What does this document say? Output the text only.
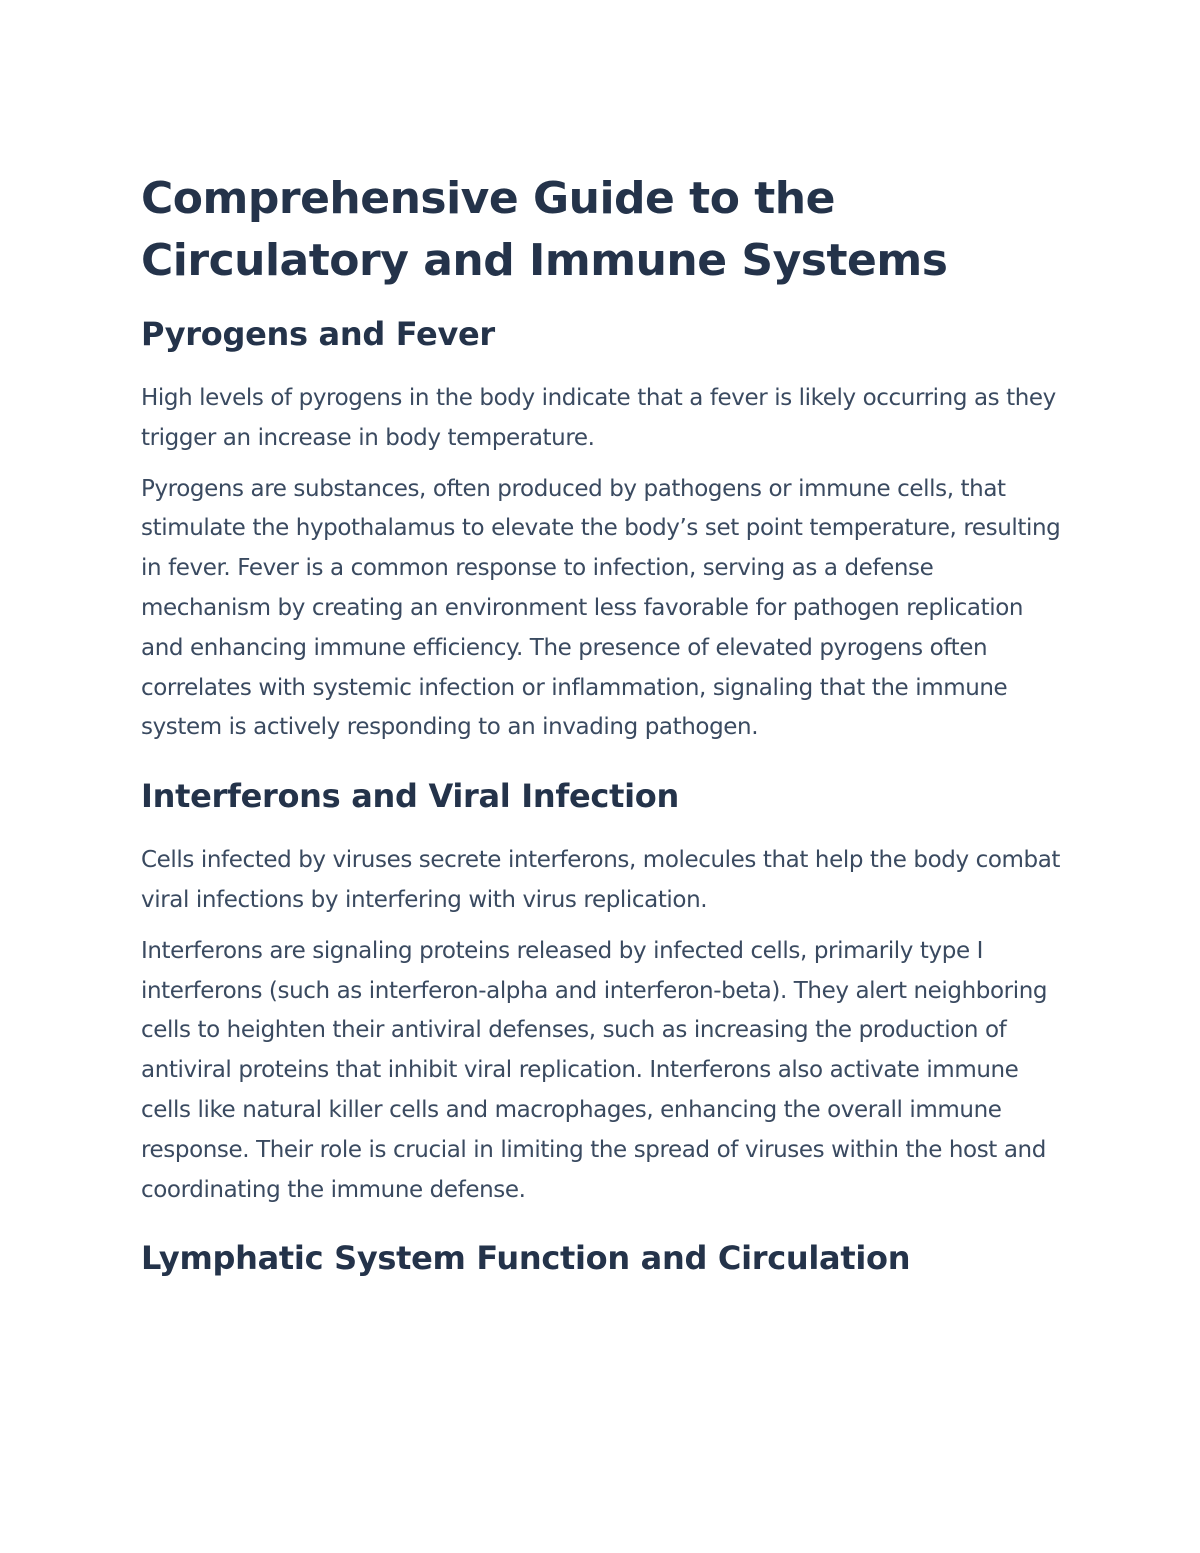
Comprehensive Guide to the Circulatory and Immune Systems
Pyrogens and Fever

High levels of pyrogens in the body indicate that a fever is likely occurring as they trigger an increase in body temperature.

Pyrogens are substances, often produced by pathogens or immune cells, that stimulate the hypothalamus to elevate the body’s set point temperature, resulting in fever. Fever is a common response to infection, serving as a defense mechanism by creating an environment less favorable for pathogen replication and enhancing immune efficiency. The presence of elevated pyrogens often correlates with systemic infection or inflammation, signaling that the immune system is actively responding to an invading pathogen.

Interferons and Viral Infection

Cells infected by viruses secrete interferons, molecules that help the body combat viral infections by interfering with virus replication.

Interferons are signaling proteins released by infected cells, primarily type I interferons (such as interferon-alpha and interferon-beta). They alert neighboring cells to heighten their antiviral defenses, such as increasing the production of antiviral proteins that inhibit viral replication. Interferons also activate immune cells like natural killer cells and macrophages, enhancing the overall immune response. Their role is crucial in limiting the spread of viruses within the host and coordinating the immune defense.

Lymphatic System Function and Circulation
